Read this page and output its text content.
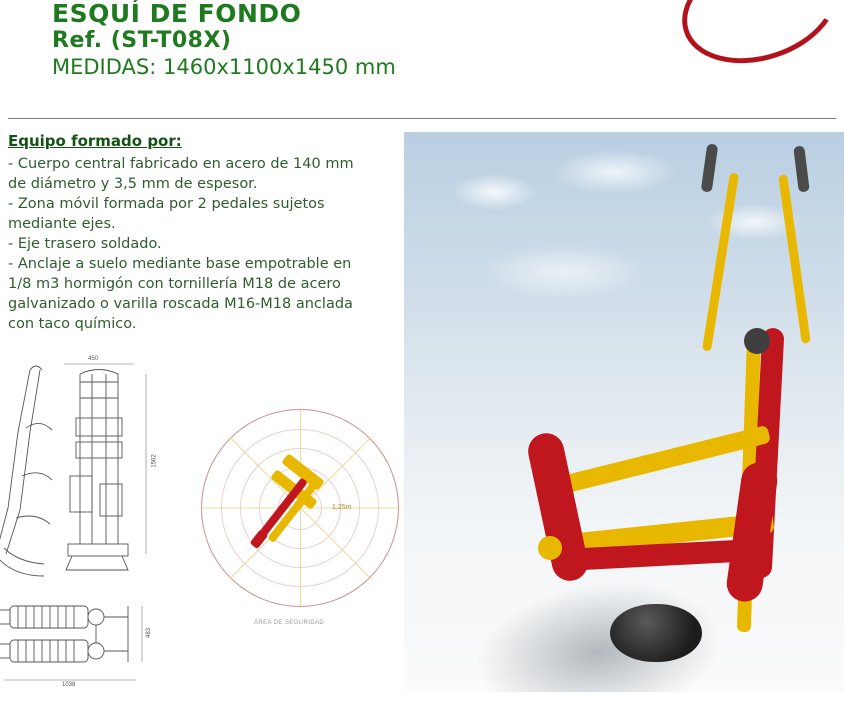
ESQUÍ DE FONDO
Ref. (ST-T08X)
MEDIDAS: 1460x1100x1450 mm
Equipo formado por:
- Cuerpo central fabricado en acero de 140 mm
de diámetro y 3,5 mm de espesor.
- Zona móvil formada por 2 pedales sujetos
mediante ejes.
- Eje trasero soldado.
- Anclaje a suelo mediante base empotrable en
1/8 m3 hormigón con tornillería M18 de acero
galvanizado o varilla roscada M16-M18 anclada
con taco químico.
450
1562
483
1038
1,25m
ÁREA DE SEGURIDAD
